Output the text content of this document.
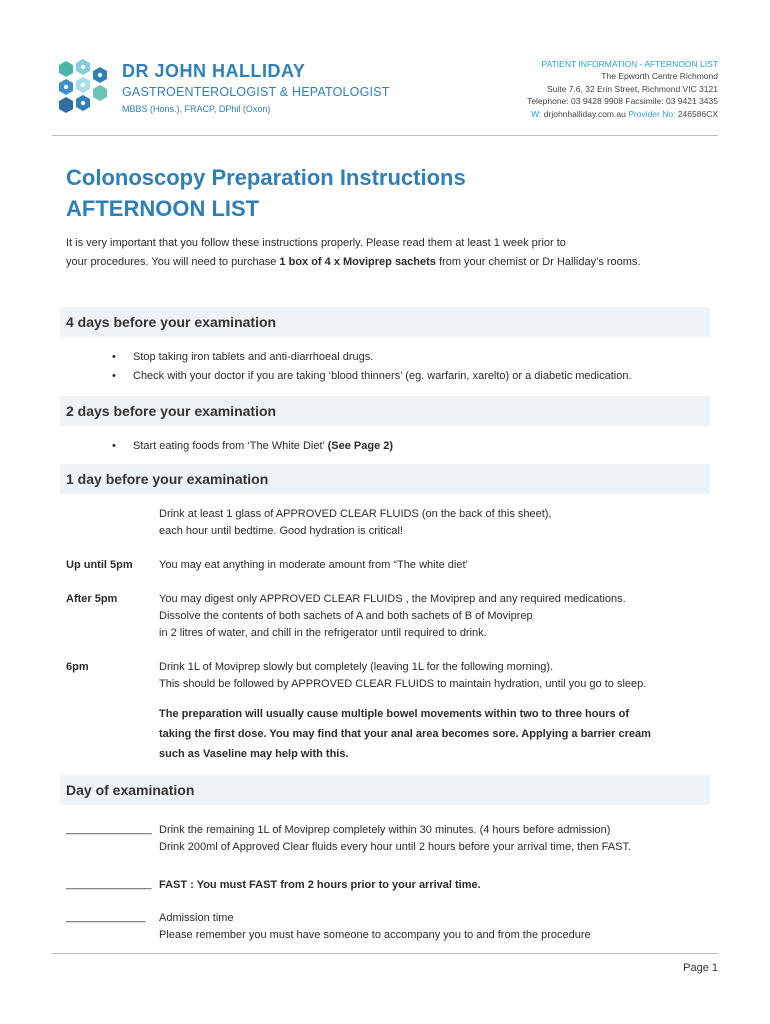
DR JOHN HALLIDAY
GASTROENTEROLOGIST & HEPATOLOGIST
MBBS (Hons.), FRACP, DPhil (Oxon)
PATIENT INFORMATION - AFTERNOON LIST
The Epworth Centre Richmond
Suite 7.6, 32 Erin Street, Richmond VIC 3121
Telephone: 03 9428 9908 Facsimile: 03 9421 3435
W: drjohnhalliday.com.au Provider No: 246586CX
Colonoscopy Preparation Instructions
AFTERNOON LIST
It is very important that you follow these instructions properly. Please read them at least 1 week prior to
your procedures. You will need to purchase 1 box of 4 x Moviprep sachets from your chemist or Dr Halliday’s rooms.
4 days before your examination
• Stop taking iron tablets and anti-diarrhoeal drugs.
• Check with your doctor if you are taking ‘blood thinners’ (eg. warfarin, xarelto) or a diabetic medication.
2 days before your examination
• Start eating foods from ‘The White Diet’ (See Page 2)
1 day before your examination
Drink at least 1 glass of APPROVED CLEAR FLUIDS (on the back of this sheet),
each hour until bedtime. Good hydration is critical!
Up until 5pm You may eat anything in moderate amount from “The white diet’
After 5pm	You may digest only APPROVED CLEAR FLUIDS , the Moviprep and any required medications.
Dissolve the contents of both sachets of A and both sachets of B of Moviprep
in 2 litres of water, and chill in the refrigerator until required to drink.
6pm	Drink 1L of Moviprep slowly but completely (leaving 1L for the following morning).
This should be followed by APPROVED CLEAR FLUIDS to maintain hydration, until you go to sleep.
The preparation will usually cause multiple bowel movements within two to three hours of
taking the first dose. You may find that your anal area becomes sore. Applying a barrier cream
such as Vaseline may help with this.
Day of examination
______________ Drink the remaining 1L of Moviprep completely within 30 minutes. (4 hours before admission)
Drink 200ml of Approved Clear fluids every hour until 2 hours before your arrival time, then FAST.
______________ FAST : You must FAST from 2 hours prior to your arrival time.
_____________ Admission time
Please remember you must have someone to accompany you to and from the procedure
Page 1
